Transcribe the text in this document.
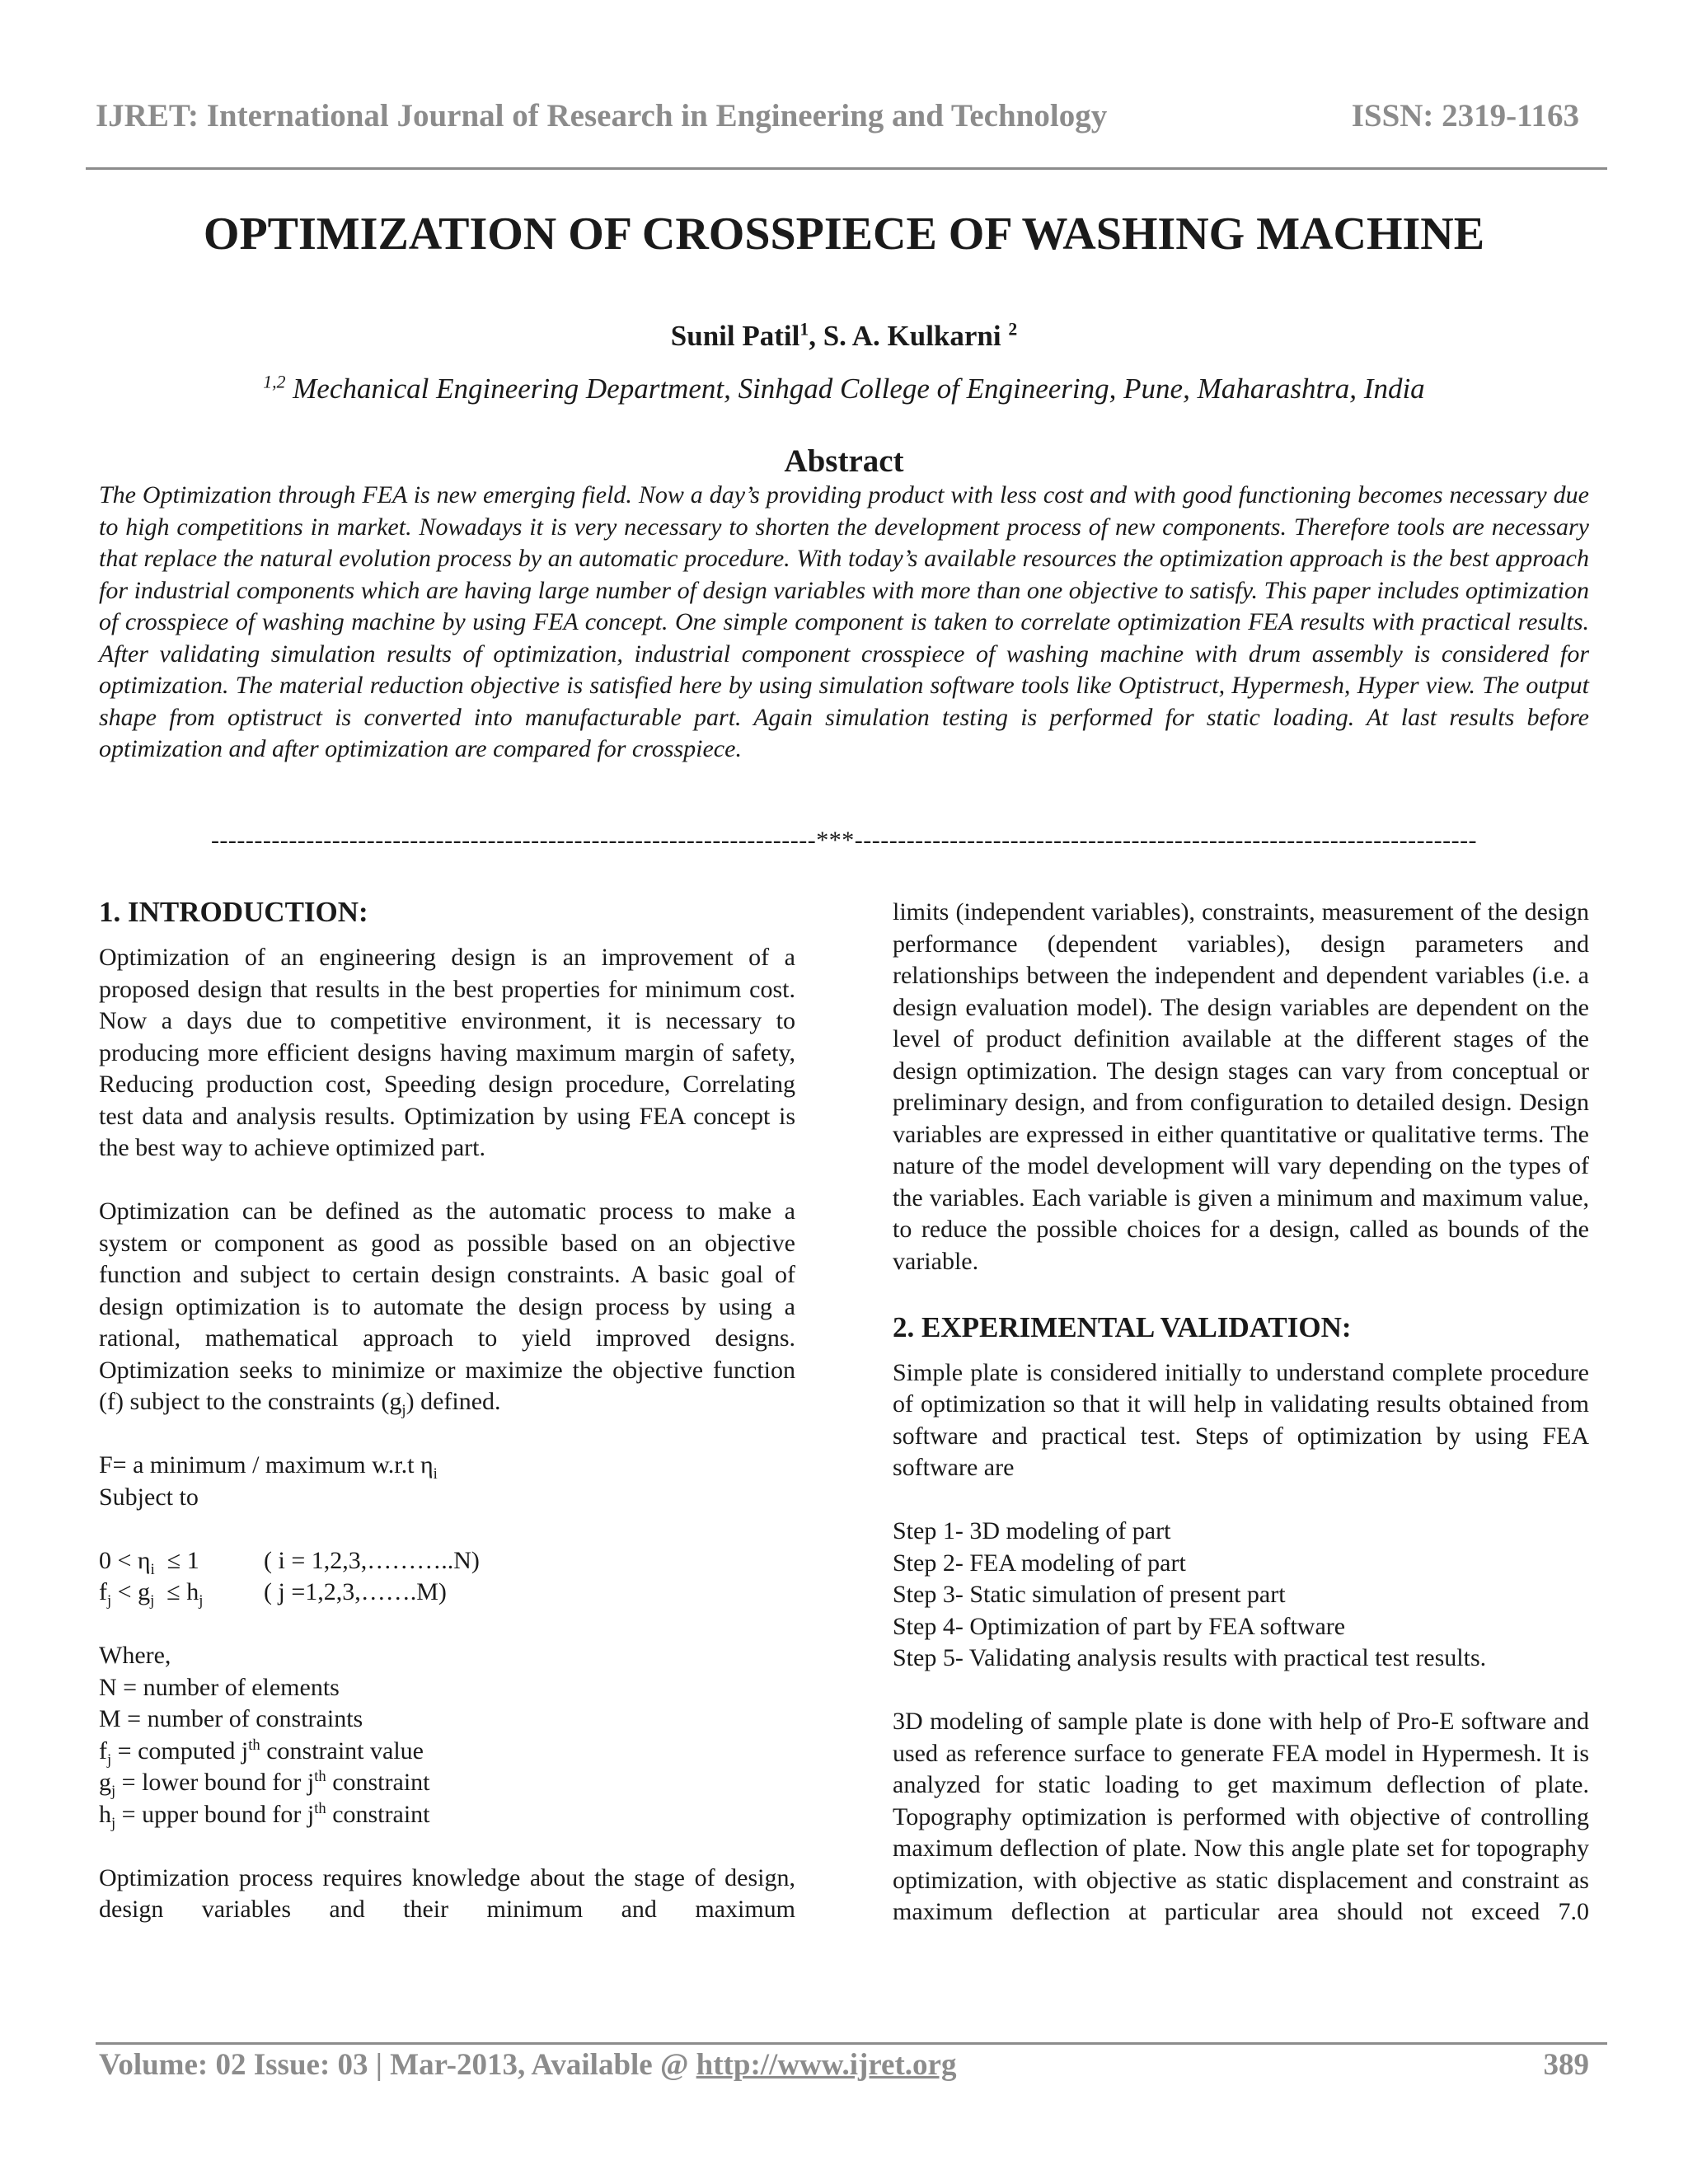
IJRET: International Journal of Research in Engineering and Technology	ISSN: 2319-1163
OPTIMIZATION OF CROSSPIECE OF WASHING MACHINE
Sunil Patil$^1$, S. A. Kulkarni $^2$
$^{1,2}$ Mechanical Engineering Department, Sinhgad College of Engineering, Pune, Maharashtra, India
Abstract
The Optimization through FEA is new emerging field. Now a day’s providing product with less cost and with good functioning becomes necessary due to high competitions in market. Nowadays it is very necessary to shorten the development process of new components. Therefore tools are necessary that replace the natural evolution process by an automatic procedure. With today’s available resources the optimization approach is the best approach for industrial components which are having large number of design variables with more than one objective to satisfy. This paper includes optimization of crosspiece of washing machine by using FEA concept. One simple component is taken to correlate optimization FEA results with practical results. After validating simulation results of optimization, industrial component crosspiece of washing machine with drum assembly is considered for optimization. The material reduction objective is satisfied here by using simulation software tools like Optistruct, Hypermesh, Hyper view. The output shape from optistruct is converted into manufacturable part. Again simulation testing is performed for static loading. At last results before optimization and after optimization are compared for crosspiece.
----------------------------------------------------------------------***------------------------------------------------------------------------
1. INTRODUCTION:

Optimization of an engineering design is an improvement of a proposed design that results in the best properties for minimum cost. Now a days due to competitive environment, it is necessary to producing more efficient designs having maximum margin of safety, Reducing production cost, Speeding design procedure, Correlating test data and analysis results. Optimization by using FEA concept is the best way to achieve optimized part.

Optimization can be defined as the automatic process to make a system or component as good as possible based on an objective function and subject to certain design constraints. A basic goal of design optimization is to automate the design process by using a rational, mathematical approach to yield improved designs. Optimization seeks to minimize or maximize the objective function (f) subject to the constraints $(g_j)$ defined.

F= a minimum / maximum w.r.t $\eta_i$
Subject to
$0 < \eta_i \le 1$	( i = 1,2,3,………..N)
$f_j < g_j \le h_j$ ( j =1,2,3,…….M)
Where,
N = number of elements
M = number of constraints
$f_j$ = computed $j^{th}$ constraint value
$g_j$ = lower bound for $j^{th}$ constraint
$h_j$ = upper bound for $j^{th}$ constraint

Optimization process requires knowledge about the stage of design, design variables and their minimum and maximum

limits (independent variables), constraints, measurement of the design performance (dependent variables), design parameters and relationships between the independent and dependent variables (i.e. a design evaluation model). The design variables are dependent on the level of product definition available at the different stages of the design optimization. The design stages can vary from conceptual or preliminary design, and from configuration to detailed design. Design variables are expressed in either quantitative or qualitative terms. The nature of the model development will vary depending on the types of the variables. Each variable is given a minimum and maximum value, to reduce the possible choices for a design, called as bounds of the variable.

2. EXPERIMENTAL VALIDATION:

Simple plate is considered initially to understand complete procedure of optimization so that it will help in validating results obtained from software and practical test. Steps of optimization by using FEA software are

Step 1- 3D modeling of part
Step 2- FEA modeling of part
Step 3- Static simulation of present part
Step 4- Optimization of part by FEA software
Step 5- Validating analysis results with practical test results.

3D modeling of sample plate is done with help of Pro-E software and used as reference surface to generate FEA model in Hypermesh. It is analyzed for static loading to get maximum deflection of plate. Topography optimization is performed with objective of controlling maximum deflection of plate. Now this angle plate set for topography optimization, with objective as static displacement and constraint as maximum deflection at particular area should not exceed 7.0

Volume: 02 Issue: 03 | Mar-2013, Available @ http://www.ijret.org	389
